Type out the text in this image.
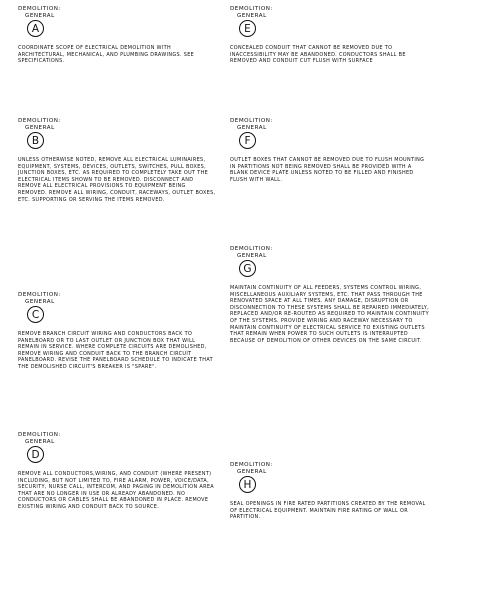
DEMOLITION:
GENERAL
A
COORDINATE SCOPE OF ELECTRICAL DEMOLITION WITH ARCHITECTURAL, MECHANICAL, AND PLUMBING DRAWINGS. SEE SPECIFICATIONS.
DEMOLITION:
GENERAL
B
UNLESS OTHERWISE NOTED, REMOVE ALL ELECTRICAL LUMINAIRES, EQUIPMENT, SYSTEMS, DEVICES, OUTLETS, SWITCHES, PULL BOXES, JUNCTION BOXES, ETC. AS REQUIRED TO COMPLETELY TAKE OUT THE ELECTRICAL ITEMS SHOWN TO BE REMOVED. DISCONNECT AND REMOVE ALL ELECTRICAL PROVISIONS TO EQUIPMENT BEING REMOVED. REMOVE ALL WIRING, CONDUIT, RACEWAYS, OUTLET BOXES, ETC. SUPPORTING OR SERVING THE ITEMS REMOVED.
DEMOLITION:
GENERAL
C
REMOVE BRANCH CIRCUIT WIRING AND CONDUCTORS BACK TO PANELBOARD OR TO LAST OUTLET OR JUNCTION BOX THAT WILL REMAIN IN SERVICE. WHERE COMPLETE CIRCUITS ARE DEMOLISHED, REMOVE WIRING AND CONDUIT BACK TO THE BRANCH CIRCUIT PANELBOARD. REVISE THE PANELBOARD SCHEDULE TO INDICATE THAT THE DEMOLISHED CIRCUIT'S BREAKER IS "SPARE".
DEMOLITION:
GENERAL
D
REMOVE ALL CONDUCTORS,WIRING, AND CONDUIT (WHERE PRESENT) INCLUDING, BUT NOT LIMITED TO, FIRE ALARM, POWER, VOICE/DATA, SECURITY, NURSE CALL, INTERCOM, AND PAGING IN DEMOLITION AREA THAT ARE NO LONGER IN USE OR ALREADY ABANDONED. NO CONDUCTORS OR CABLES SHALL BE ABANDONED IN PLACE. REMOVE EXISTING WIRING AND CONDUIT BACK TO SOURCE.
DEMOLITION:
GENERAL
E
CONCEALED CONDUIT THAT CANNOT BE REMOVED DUE TO INACCESSIBILITY MAY BE ABANDONED. CONDUCTORS SHALL BE REMOVED AND CONDUIT CUT FLUSH WITH SURFACE
DEMOLITION:
GENERAL
F
OUTLET BOXES THAT CANNOT BE REMOVED DUE TO FLUSH MOUNTING IN PARTITIONS NOT BEING REMOVED SHALL BE PROVIDED WITH A BLANK DEVICE PLATE UNLESS NOTED TO BE FILLED AND FINISHED FLUSH WITH WALL.
DEMOLITION:
GENERAL
G
MAINTAIN CONTINUITY OF ALL FEEDERS, SYSTEMS CONTROL WIRING, MISCELLANEOUS AUXILIARY SYSTEMS, ETC. THAT PASS THROUGH THE RENOVATED SPACE AT ALL TIMES. ANY DAMAGE, DISRUPTION OR DISCONNECTION TO THESE SYSTEMS SHALL BE REPAIRED IMMEDIATELY, REPLACED AND/OR RE-ROUTED AS REQUIRED TO MAINTAIN CONTINUITY OF THE SYSTEMS. PROVIDE WIRING AND RACEWAY NECESSARY TO MAINTAIN CONTINUITY OF ELECTRICAL SERVICE TO EXISTING OUTLETS THAT REMAIN WHEN POWER TO SUCH OUTLETS IS INTERRUPTED BECAUSE OF DEMOLITION OF OTHER DEVICES ON THE SAME CIRCUIT.
DEMOLITION:
GENERAL
H
SEAL OPENINGS IN FIRE RATED PARTITIONS CREATED BY THE REMOVAL OF ELECTRICAL EQUIPMENT. MAINTAIN FIRE RATING OF WALL OR PARTITION.
